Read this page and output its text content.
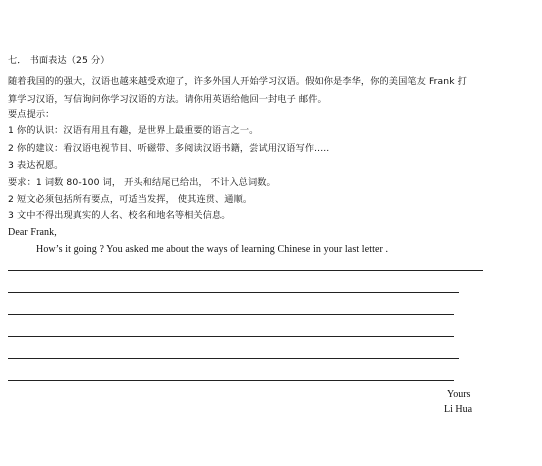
七． 书面表达（25 分）
随着我国的的强大，汉语也越来越受欢迎了，许多外国人开始学习汉语。假如你是李华，你的美国笔友 Frank 打
算学习汉语，写信询问你学习汉语的方法。请你用英语给他回一封电子 邮件。
要点提示：
1 你的认识：汉语有用且有趣，是世界上最重要的语言之一。
2 你的建议：看汉语电视节目、听磁带、多阅读汉语书籍，尝试用汉语写作.....
3 表达祝愿。
要求：1 词数 80-100 词， 开头和结尾已给出， 不计入总词数。
2 短文必须包括所有要点，可适当发挥， 使其连贯、通顺。
3 文中不得出现真实的人名、校名和地名等相关信息。
Dear Frank,
How’s it going ? You asked me about the ways of learning Chinese in your last letter .
Yours
Li Hua
